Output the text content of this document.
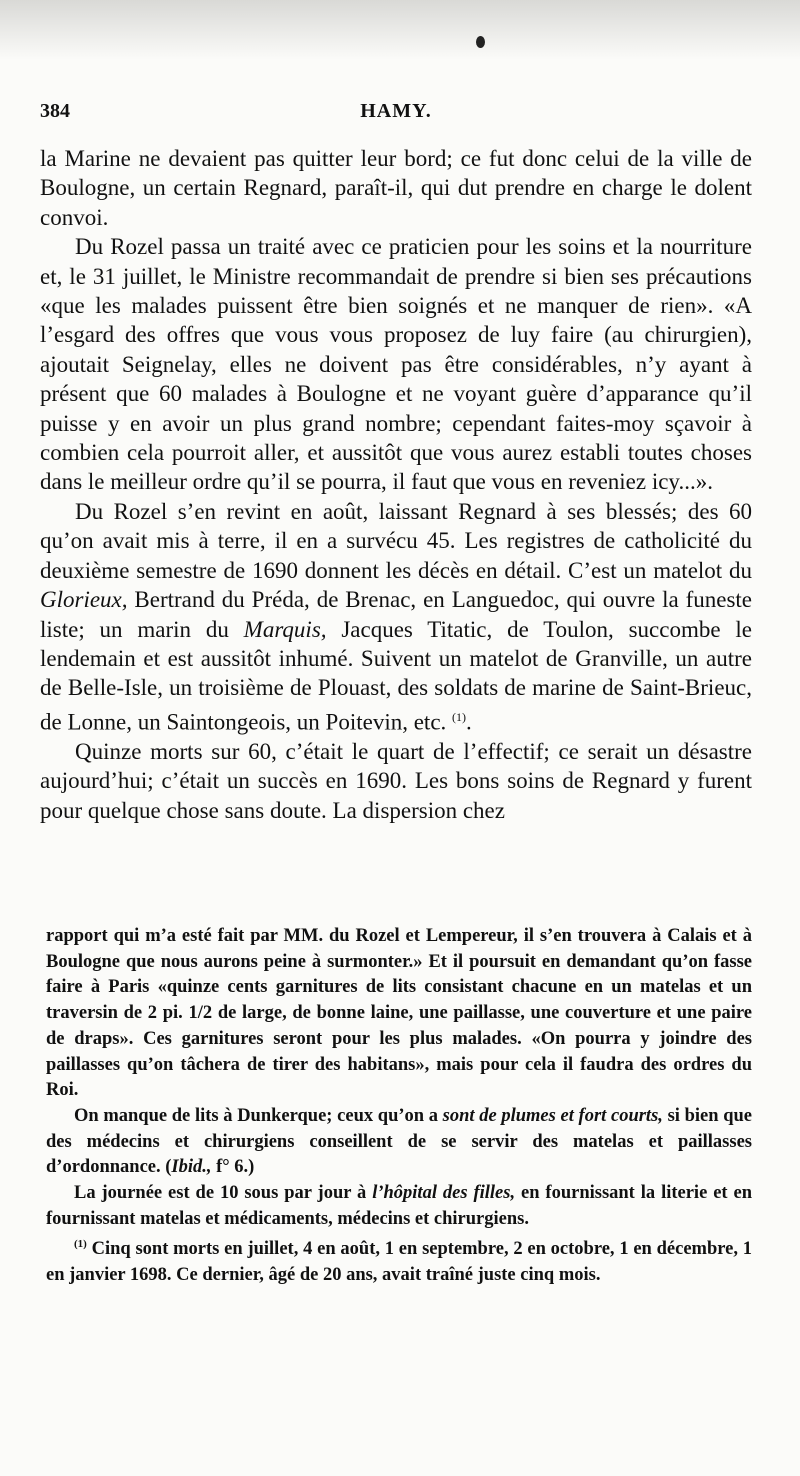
384	HAMY.

la Marine ne devaient pas quitter leur bord; ce fut donc celui de la ville de Boulogne, un certain Regnard, paraît-il, qui dut prendre en charge le dolent convoi.

Du Rozel passa un traité avec ce praticien pour les soins et la nourriture et, le 31 juillet, le Ministre recommandait de prendre si bien ses précautions «que les malades puissent être bien soignés et ne manquer de rien». «A l’esgard des offres que vous vous proposez de luy faire (au chirurgien), ajoutait Seignelay, elles ne doivent pas être considérables, n’y ayant à présent que 60 malades à Boulogne et ne voyant guère d’apparance qu’il puisse y en avoir un plus grand nombre; cependant faites-moy sçavoir à combien cela pourroit aller, et aussitôt que vous aurez establi toutes choses dans le meilleur ordre qu’il se pourra, il faut que vous en reveniez icy...».

Du Rozel s’en revint en août, laissant Regnard à ses blessés; des 60 qu’on avait mis à terre, il en a survécu 45. Les registres de catholicité du deuxième semestre de 1690 donnent les décès en détail. C’est un matelot du Glorieux, Bertrand du Préda, de Brenac, en Languedoc, qui ouvre la funeste liste; un marin du Marquis, Jacques Titatic, de Toulon, succombe le lendemain et est aussitôt inhumé. Suivent un matelot de Granville, un autre de Belle-Isle, un troisième de Plouast, des soldats de marine de Saint-Brieuc, de Lonne, un Saintongeois, un Poitevin, etc. $^{(1)}$.

Quinze morts sur 60, c’était le quart de l’effectif; ce serait un désastre aujourd’hui; c’était un succès en 1690. Les bons soins de Regnard y furent pour quelque chose sans doute. La dispersion chez

rapport qui m’a esté fait par MM. du Rozel et Lempereur, il s’en trouvera à Calais et à Boulogne que nous aurons peine à surmonter.» Et il poursuit en demandant qu’on fasse faire à Paris «quinze cents garnitures de lits consistant chacune en un matelas et un traversin de 2 pi. 1/2 de large, de bonne laine, une paillasse, une couverture et une paire de draps». Ces garnitures seront pour les plus malades. «On pourra y joindre des paillasses qu’on tâchera de tirer des habitans», mais pour cela il faudra des ordres du Roi.

On manque de lits à Dunkerque; ceux qu’on a sont de plumes et fort courts, si bien que des médecins et chirurgiens conseillent de se servir des matelas et paillasses d’ordonnance. (Ibid., f° 6.)

La journée est de 10 sous par jour à l’hôpital des filles, en fournissant la literie et en fournissant matelas et médicaments, médecins et chirurgiens.

$^{(1)}$ Cinq sont morts en juillet, 4 en août, 1 en septembre, 2 en octobre, 1 en décembre, 1 en janvier 1698. Ce dernier, âgé de 20 ans, avait traîné juste cinq mois.
